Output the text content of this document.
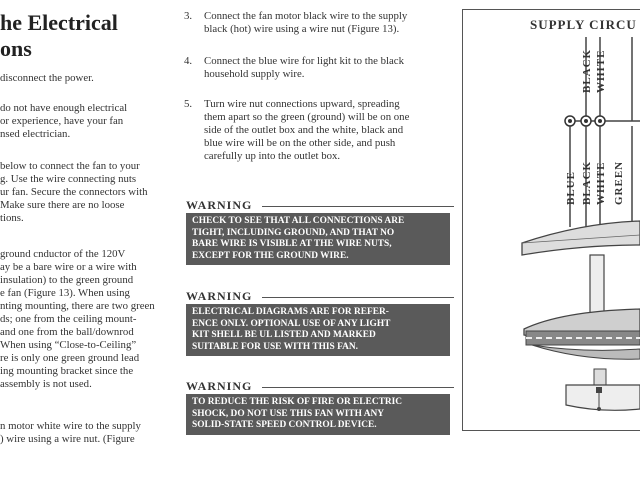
he Electrical
ons
disconnect the power.
do not have enough electrical
or experience, have your fan
nsed electrician.
below to connect the fan to your
g. Use the wire connecting nuts
ur fan. Secure the connectors with
Make sure there are no loose
tions.
ground cnductor of the 120V
ay be a bare wire or a wire with
insulation) to the green ground
e fan (Figure 13). When using
nting mounting, there are two green
ds; one from the ceiling mount-
and one from the ball/downrod
When using “Close-to-Ceiling”
re is only one green ground lead
ing mounting bracket since the
assembly is not used.
n motor white wire to the supply
) wire using a wire nut. (Figure
3. Connect the fan motor black wire to the supply
black (hot) wire using a wire nut (Figure 13).
4. Connect the blue wire for light kit to the black
household supply wire.
5. Turn wire nut connections upward, spreading
them apart so the green (ground) will be on one
side of the outlet box and the white, black and
blue wire will be on the other side, and push
carefully up into the outlet box.
WARNING
CHECK TO SEE THAT ALL CONNECTIONS ARE
TIGHT, INCLUDING GROUND, AND THAT NO
BARE WIRE IS VISIBLE AT THE WIRE NUTS,
EXCEPT FOR THE GROUND WIRE.
WARNING
ELECTRICAL DIAGRAMS ARE FOR REFER-
ENCE ONLY. OPTIONAL USE OF ANY LIGHT
KIT SHELL BE UL LISTED AND MARKED
SUITABLE FOR USE WITH THIS FAN.
WARNING
TO REDUCE THE RISK OF FIRE OR ELECTRIC
SHOCK, DO NOT USE THIS FAN WITH ANY
SOLID-STATE SPEED CONTROL DEVICE.
SUPPLY CIRCU
BLACK WHITE
BLUE BLACK WHITE GREEN
